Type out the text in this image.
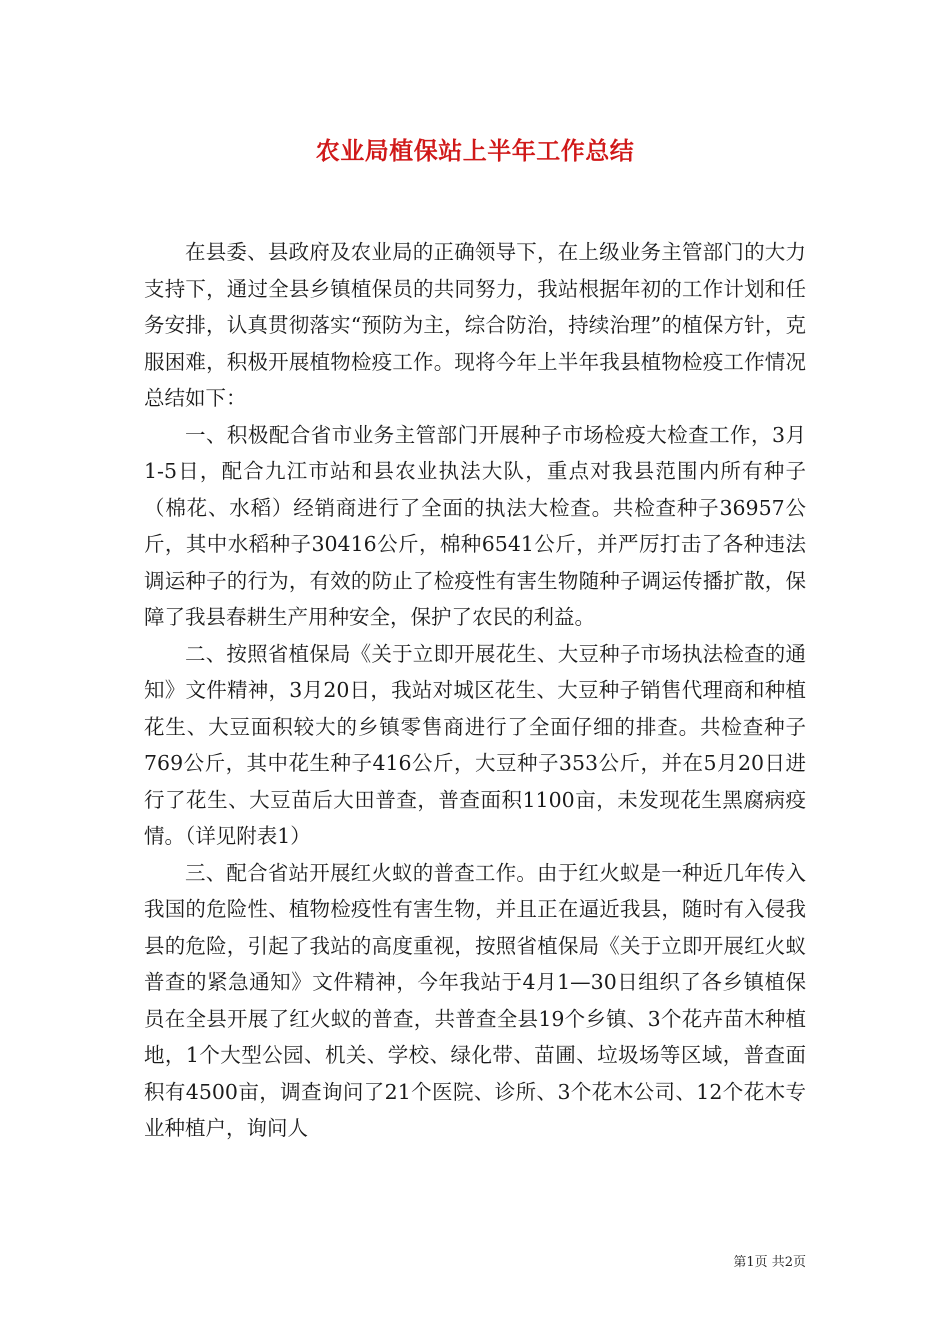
农业局植保站上半年工作总结

在县委、县政府及农业局的正确领导下，在上级业务主管部门的大力支持下，通过全县乡镇植保员的共同努力，我站根据年初的工作计划和任务安排，认真贯彻落实“预防为主，综合防治，持续治理”的植保方针，克服困难，积极开展植物检疫工作。现将今年上半年我县植物检疫工作情况总结如下：

一、积极配合省市业务主管部门开展种子市场检疫大检查工作，3月1-5日，配合九江市站和县农业执法大队，重点对我县范围内所有种子（棉花、水稻）经销商进行了全面的执法大检查。共检查种子36957公斤，其中水稻种子30416公斤，棉种6541公斤，并严厉打击了各种违法调运种子的行为，有效的防止了检疫性有害生物随种子调运传播扩散，保障了我县春耕生产用种安全，保护了农民的利益。

二、按照省植保局《关于立即开展花生、大豆种子市场执法检查的通知》文件精神，3月20日，我站对城区花生、大豆种子销售代理商和种植花生、大豆面积较大的乡镇零售商进行了全面仔细的排查。共检查种子769公斤，其中花生种子416公斤，大豆种子353公斤，并在5月20日进行了花生、大豆苗后大田普查，普查面积1100亩，未发现花生黑腐病疫情。（详见附表1）

三、配合省站开展红火蚁的普查工作。由于红火蚁是一种近几年传入我国的危险性、植物检疫性有害生物，并且正在逼近我县，随时有入侵我县的危险，引起了我站的高度重视，按照省植保局《关于立即开展红火蚁普查的紧急通知》文件精神，今年我站于4月1—30日组织了各乡镇植保员在全县开展了红火蚁的普查，共普查全县19个乡镇、3个花卉苗木种植地，1个大型公园、机关、学校、绿化带、苗圃、垃圾场等区域，普查面积有4500亩，调查询问了21个医院、诊所、3个花木公司、12个花木专业种植户，询问人

第1页 共2页
